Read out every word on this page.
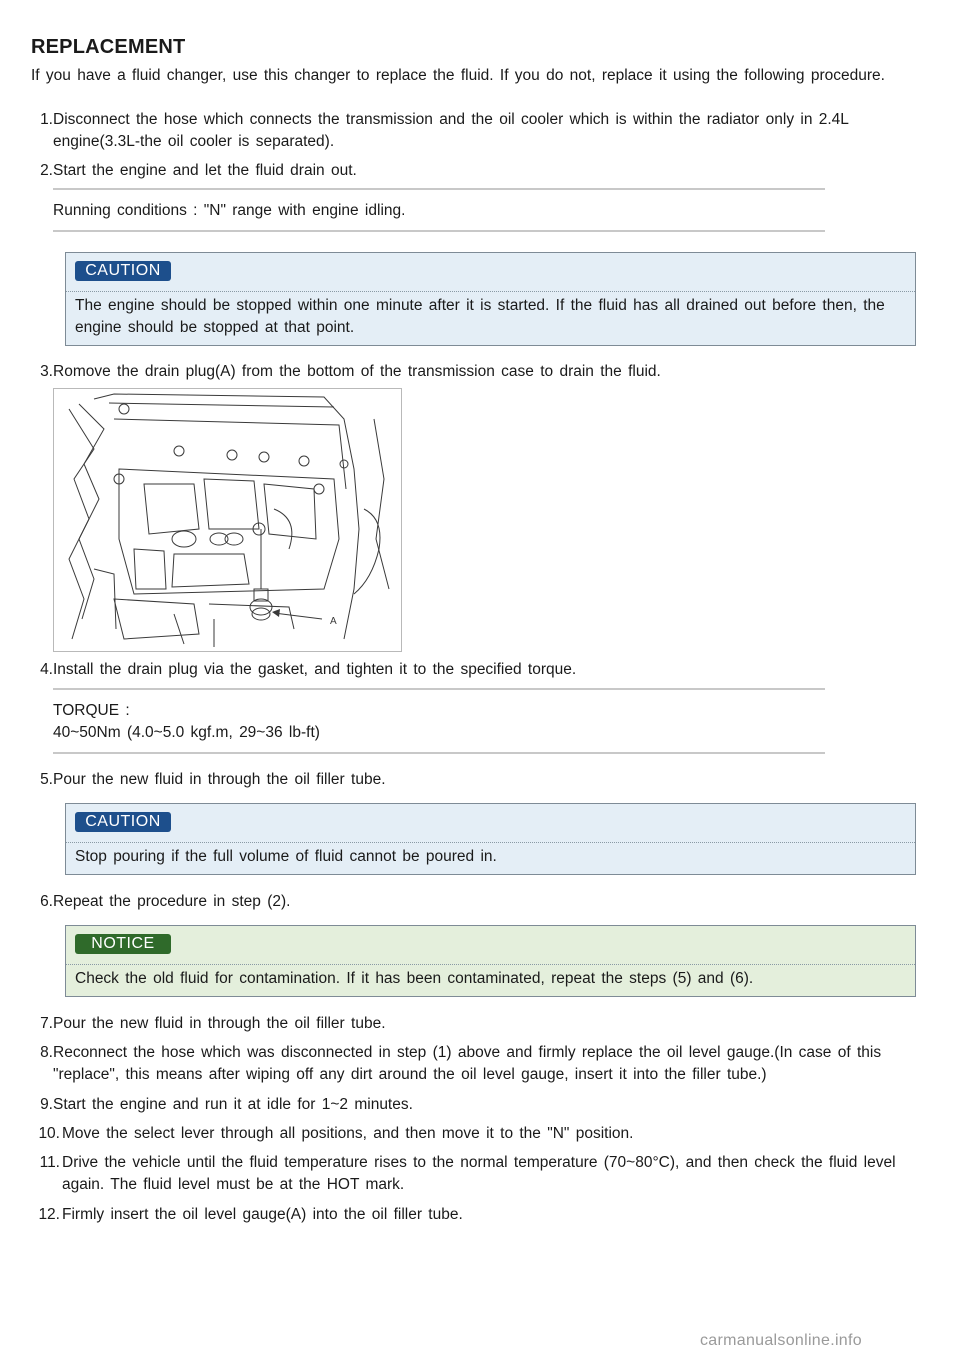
REPLACEMENT
If you have a fluid changer, use this changer to replace the fluid. If you do not, replace it using the following procedure.
1. Disconnect the hose which connects the transmission and the oil cooler which is within the radiator only in 2.4L engine(3.3L-the oil cooler is separated).
2. Start the engine and let the fluid drain out.
Running conditions : "N" range with engine idling.
CAUTION
The engine should be stopped within one minute after it is started. If the fluid has all drained out before then, the engine should be stopped at that point.
3. Romove the drain plug(A) from the bottom of the transmission case to drain the fluid.
A
4. Install the drain plug via the gasket, and tighten it to the specified torque.
TORQUE :
40~50Nm (4.0~5.0 kgf.m, 29~36 lb-ft)
5. Pour the new fluid in through the oil filler tube.
CAUTION
Stop pouring if the full volume of fluid cannot be poured in.
6. Repeat the procedure in step (2).
NOTICE
Check the old fluid for contamination. If it has been contaminated, repeat the steps (5) and (6).
7. Pour the new fluid in through the oil filler tube.
8. Reconnect the hose which was disconnected in step (1) above and firmly replace the oil level gauge.(In case of this "replace", this means after wiping off any dirt around the oil level gauge, insert it into the filler tube.)
9. Start the engine and run it at idle for 1~2 minutes.
10. Move the select lever through all positions, and then move it to the "N" position.
11. Drive the vehicle until the fluid temperature rises to the normal temperature (70~80°C), and then check the fluid level again. The fluid level must be at the HOT mark.
12. Firmly insert the oil level gauge(A) into the oil filler tube.
carmanualsonline.info
